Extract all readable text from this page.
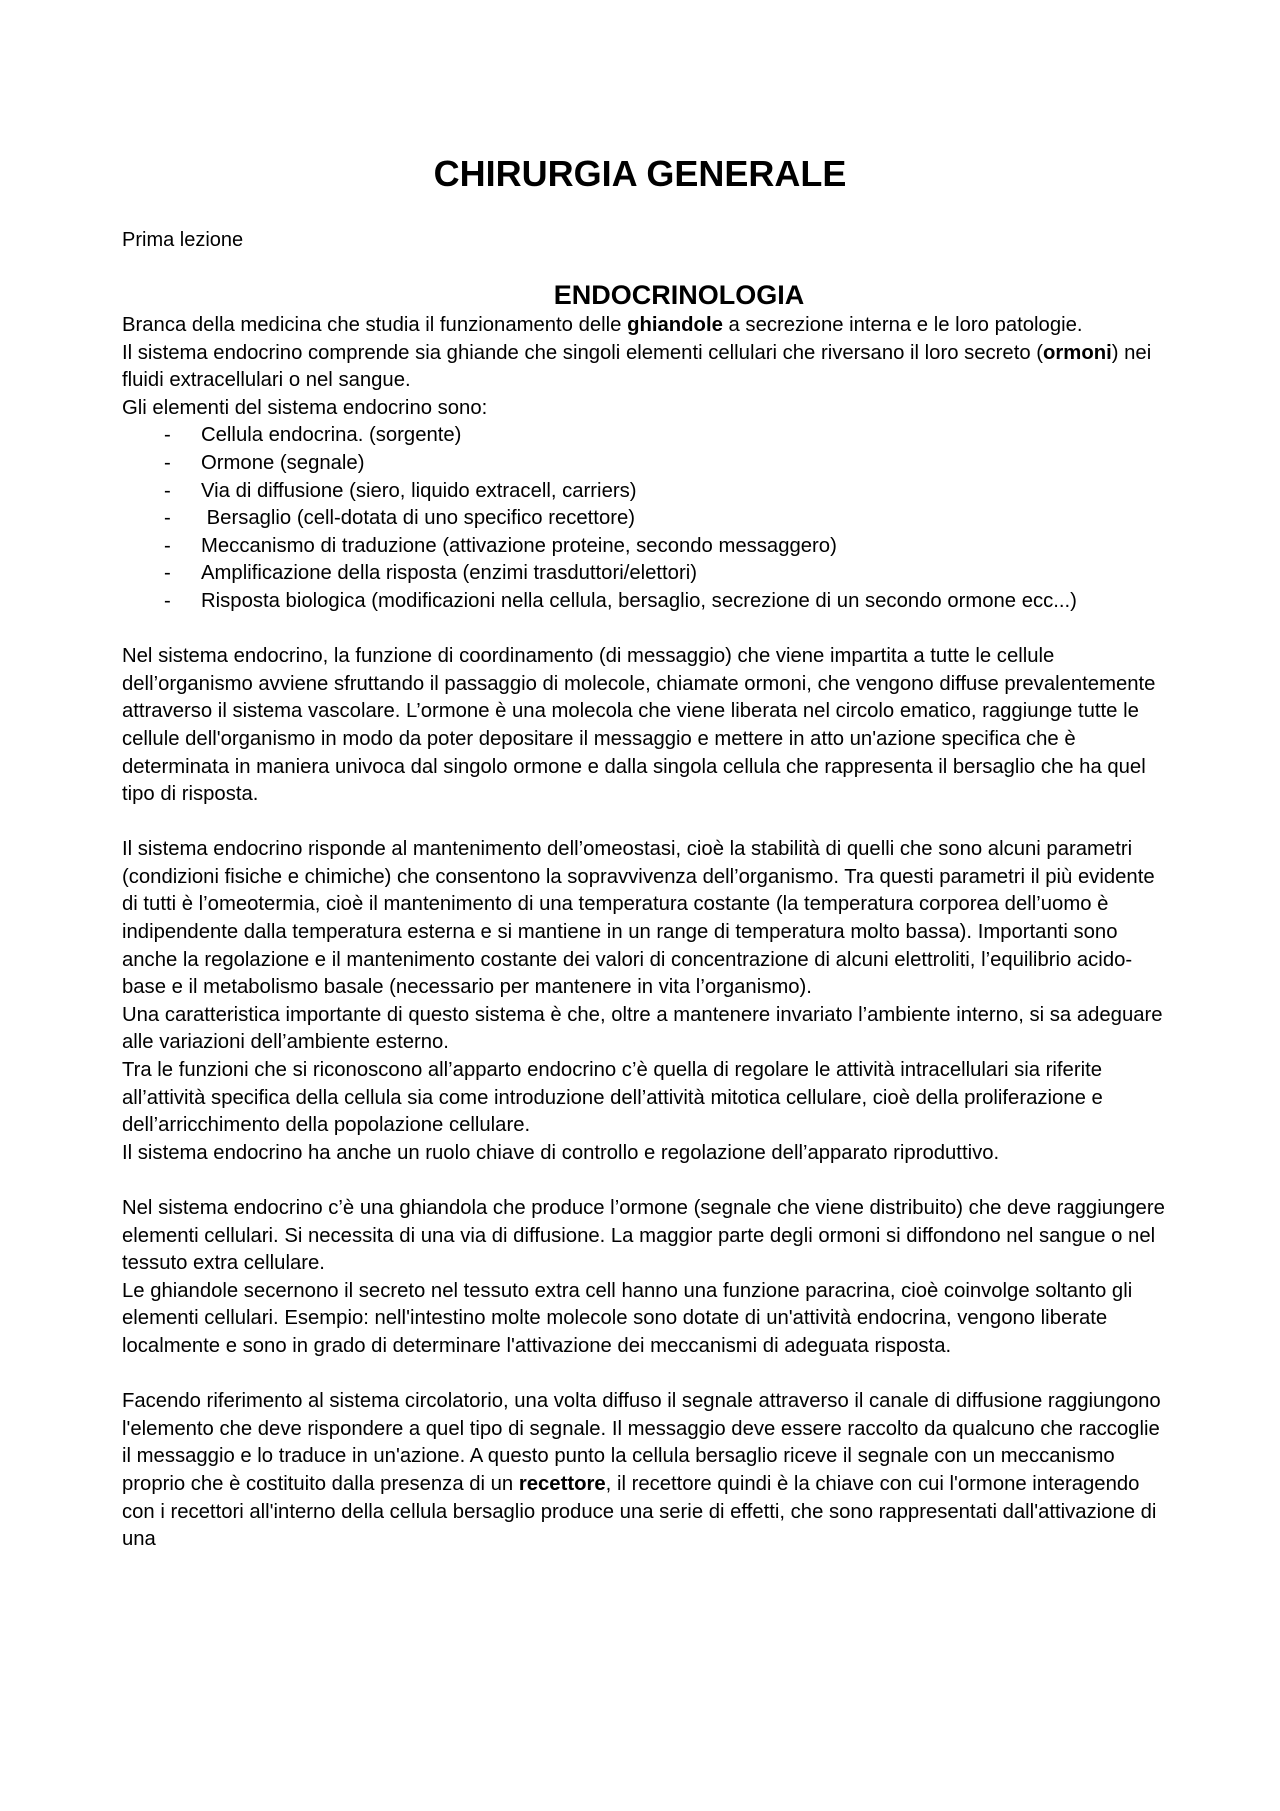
CHIRURGIA GENERALE

Prima lezione

ENDOCRINOLOGIA

Branca della medicina che studia il funzionamento delle ghiandole a secrezione interna e le loro patologie.

Il sistema endocrino comprende sia ghiande che singoli elementi cellulari che riversano il loro secreto (ormoni) nei fluidi extracellulari o nel sangue.

Gli elementi del sistema endocrino sono:

- Cellula endocrina. (sorgente)
- Ormone (segnale)
- Via di diffusione (siero, liquido extracell, carriers)
-  Bersaglio (cell-dotata di uno specifico recettore)
- Meccanismo di traduzione (attivazione proteine, secondo messaggero)
- Amplificazione della risposta (enzimi trasduttori/elettori)
- Risposta biologica (modificazioni nella cellula, bersaglio, secrezione di un secondo ormone ecc...)

Nel sistema endocrino, la funzione di coordinamento (di messaggio) che viene impartita a tutte le cellule dell’organismo avviene sfruttando il passaggio di molecole, chiamate ormoni, che vengono diffuse prevalentemente attraverso il sistema vascolare. L’ormone è una molecola che viene liberata nel circolo ematico, raggiunge tutte le cellule dell'organismo in modo da poter depositare il messaggio e mettere in atto un'azione specifica che è determinata in maniera univoca dal singolo ormone e dalla singola cellula che rappresenta il bersaglio che ha quel tipo di risposta.

Il sistema endocrino risponde al mantenimento dell’omeostasi, cioè la stabilità di quelli che sono alcuni parametri (condizioni fisiche e chimiche) che consentono la sopravvivenza dell’organismo. Tra questi parametri il più evidente di tutti è l’omeotermia, cioè il mantenimento di una temperatura costante (la temperatura corporea dell’uomo è indipendente dalla temperatura esterna e si mantiene in un range di temperatura molto bassa). Importanti sono anche la regolazione e il mantenimento costante dei valori di concentrazione di alcuni elettroliti, l’equilibrio acido-base e il metabolismo basale (necessario per mantenere in vita l’organismo).

Una caratteristica importante di questo sistema è che, oltre a mantenere invariato l’ambiente interno, si sa adeguare alle variazioni dell’ambiente esterno.

Tra le funzioni che si riconoscono all’apparto endocrino c’è quella di regolare le attività intracellulari sia riferite all’attività specifica della cellula sia come introduzione dell’attività mitotica cellulare, cioè della proliferazione e dell’arricchimento della popolazione cellulare.

Il sistema endocrino ha anche un ruolo chiave di controllo e regolazione dell’apparato riproduttivo.

Nel sistema endocrino c’è una ghiandola che produce l’ormone (segnale che viene distribuito) che deve raggiungere elementi cellulari. Si necessita di una via di diffusione. La maggior parte degli ormoni si diffondono nel sangue o nel tessuto extra cellulare.

Le ghiandole secernono il secreto nel tessuto extra cell hanno una funzione paracrina, cioè coinvolge soltanto gli elementi cellulari. Esempio: nell'intestino molte molecole sono dotate di un'attività endocrina, vengono liberate localmente e sono in grado di determinare l'attivazione dei meccanismi di adeguata risposta.

Facendo riferimento al sistema circolatorio, una volta diffuso il segnale attraverso il canale di diffusione raggiungono l'elemento che deve rispondere a quel tipo di segnale. Il messaggio deve essere raccolto da qualcuno che raccoglie il messaggio e lo traduce in un'azione. A questo punto la cellula bersaglio riceve il segnale con un meccanismo proprio che è costituito dalla presenza di un recettore, il recettore quindi è la chiave con cui l'ormone interagendo con i recettori all'interno della cellula bersaglio produce una serie di effetti, che sono rappresentati dall'attivazione di una
